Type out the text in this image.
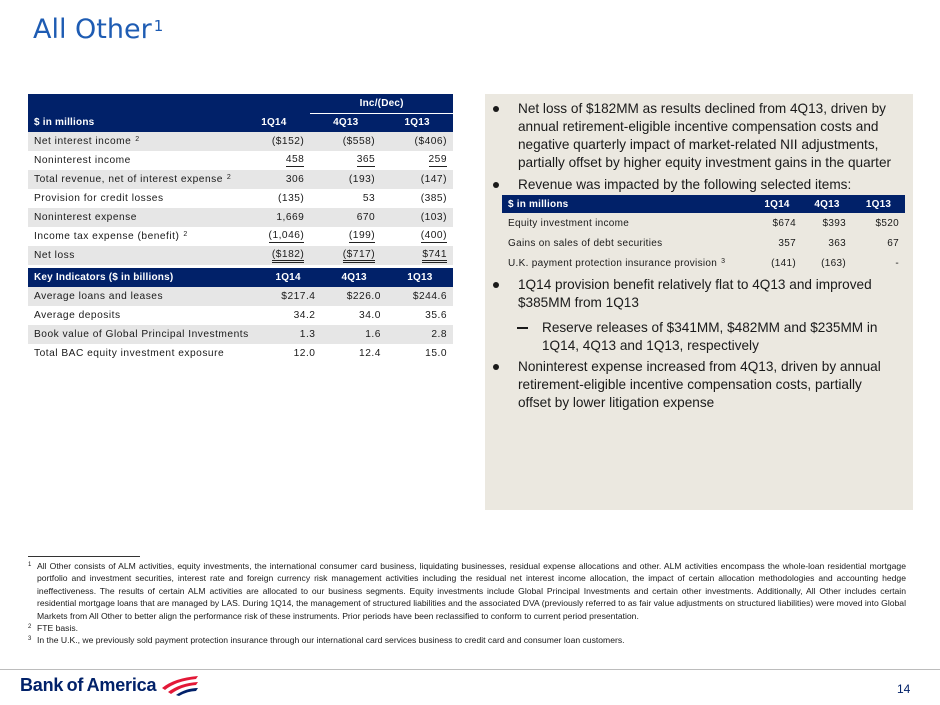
All Other $^1$
		Inc/(Dec)	
$ in millions	1Q14	4Q13	1Q13
Net interest income $^2$	($152)	($558)	($406)
Noninterest income	458	365	259
Total revenue, net of interest expense $^2$	306	(193)	(147)
Provision for credit losses	(135)	53	(385)
Noninterest expense	1,669	670	(103)
Income tax expense (benefit) $^2$	(1,046)	(199)	(400)
Net loss	($182)	($717)	$741
Key Indicators ($ in billions)	1Q14	4Q13	1Q13
Average loans and leases	$217.4	$226.0	$244.6
Average deposits	34.2	34.0	35.6
Book value of Global Principal Investments	1.3	1.6	2.8
Total BAC equity investment exposure	12.0	12.4	15.0
Net loss of $182MM as results declined from 4Q13, driven by annual retirement-eligible incentive compensation costs and negative quarterly impact of market-related NII adjustments, partially offset by higher equity investment gains in the quarter
Revenue was impacted by the following selected items:
$ in millions	1Q14	4Q13	1Q13
Equity investment income	$674	$393	$520
Gains on sales of debt securities	357	363	67
U.K. payment protection insurance provision $^3$	(141)	(163)	-
1Q14 provision benefit relatively flat to 4Q13 and improved $385MM from 1Q13
Reserve releases of $341MM, $482MM and $235MM in 1Q14, 4Q13 and 1Q13, respectively
Noninterest expense increased from 4Q13, driven by annual retirement-eligible incentive compensation costs, partially offset by lower litigation expense
1 All Other consists of ALM activities, equity investments, the international consumer card business, liquidating businesses, residual expense allocations and other. ALM activities encompass the whole-loan residential mortgage portfolio and investment securities, interest rate and foreign currency risk management activities including the residual net interest income allocation, the impact of certain allocation methodologies and accounting hedge ineffectiveness. The results of certain ALM activities are allocated to our business segments. Equity investments include Global Principal Investments and certain other investments. Additionally, All Other includes certain residential mortgage loans that are managed by LAS. During 1Q14, the management of structured liabilities and the associated DVA (previously referred to as fair value adjustments on structured liabilities) were moved into Global Markets from All Other to better align the performance risk of these instruments. Prior periods have been reclassified to conform to current period presentation.
2 FTE basis.
3 In the U.K., we previously sold payment protection insurance through our international card services business to credit card and consumer loan customers.
Bank of America	14
